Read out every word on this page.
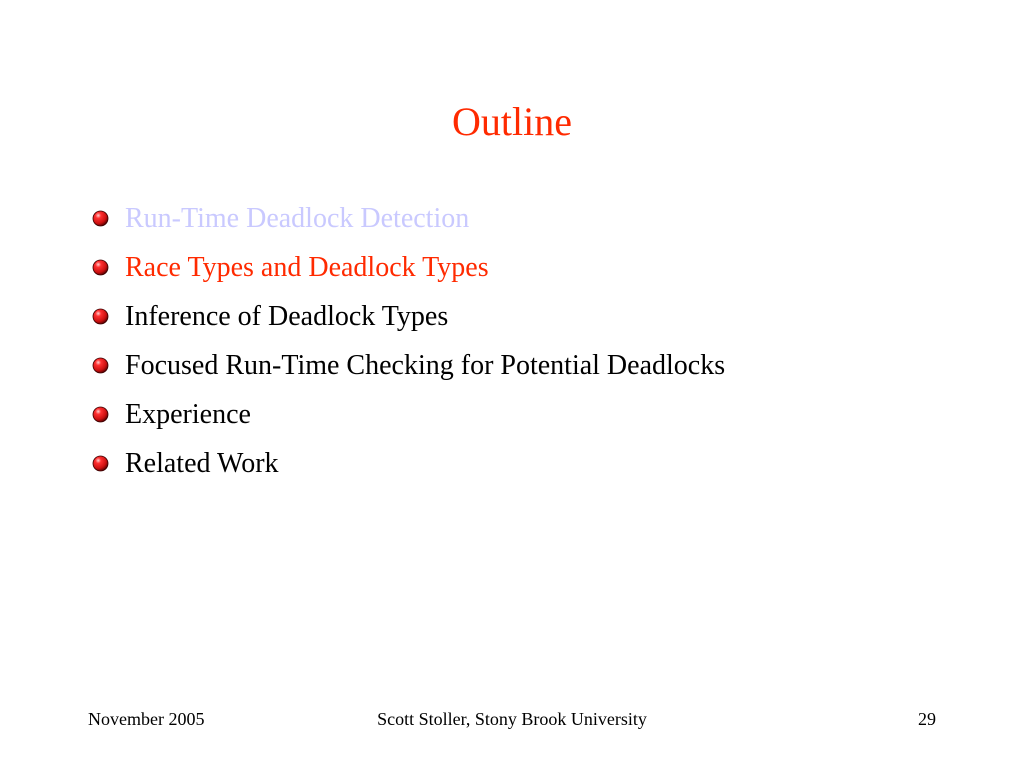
Outline
Run-Time Deadlock Detection
Race Types and Deadlock Types
Inference of Deadlock Types
Focused Run-Time Checking for Potential Deadlocks
Experience
Related Work
November 2005	Scott Stoller, Stony Brook University	29
